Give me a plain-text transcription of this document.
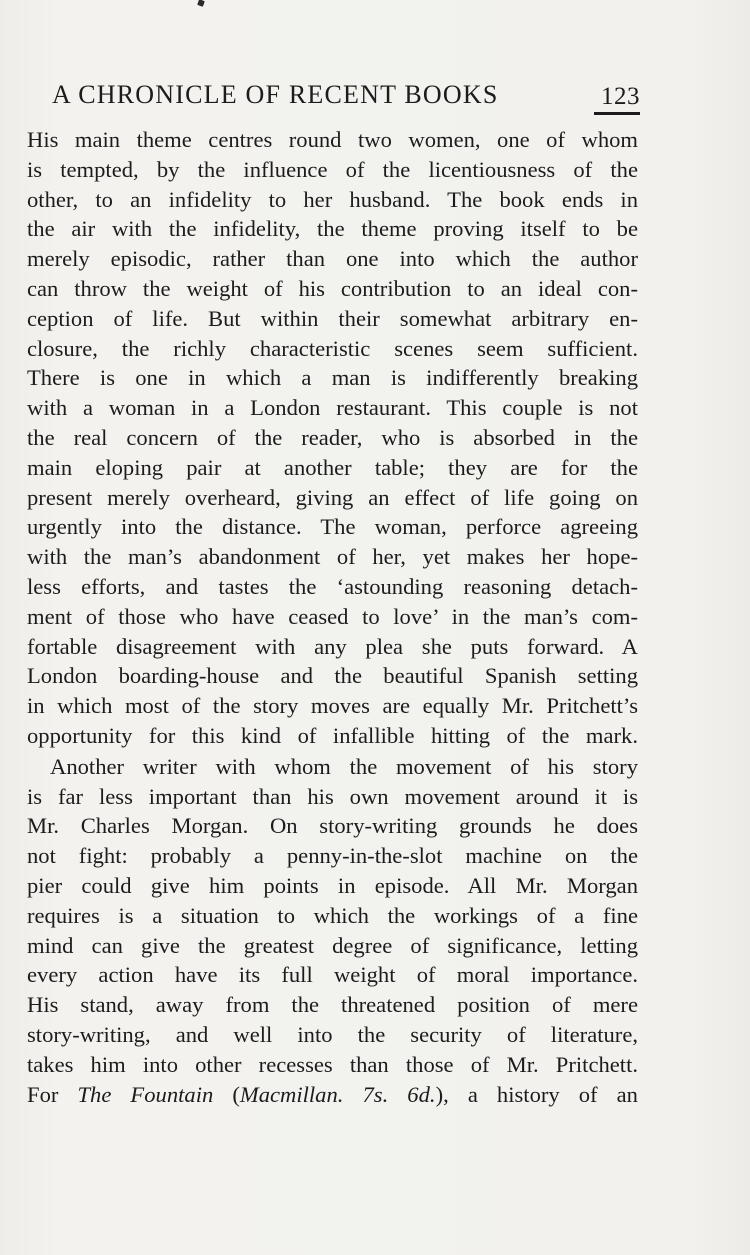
A CHRONICLE OF RECENT BOOKS	123
His main theme centres round two women, one of whom
is tempted, by the influence of the licentiousness of the
other, to an infidelity to her husband. The book ends in
the air with the infidelity, the theme proving itself to be
merely episodic, rather than one into which the author
can throw the weight of his contribution to an ideal con-
ception of life. But within their somewhat arbitrary en-
closure, the richly characteristic scenes seem sufficient.
There is one in which a man is indifferently breaking
with a woman in a London restaurant. This couple is not
the real concern of the reader, who is absorbed in the
main eloping pair at another table; they are for the
present merely overheard, giving an effect of life going on
urgently into the distance. The woman, perforce agreeing
with the man’s abandonment of her, yet makes her hope-
less efforts, and tastes the ‘astounding reasoning detach-
ment of those who have ceased to love’ in the man’s com-
fortable disagreement with any plea she puts forward. A
London boarding-house and the beautiful Spanish setting
in which most of the story moves are equally Mr. Pritchett’s
opportunity for this kind of infallible hitting of the mark.
Another writer with whom the movement of his story
is far less important than his own movement around it is
Mr. Charles Morgan. On story-writing grounds he does
not fight: probably a penny-in-the-slot machine on the
pier could give him points in episode. All Mr. Morgan
requires is a situation to which the workings of a fine
mind can give the greatest degree of significance, letting
every action have its full weight of moral importance.
His stand, away from the threatened position of mere
story-writing, and well into the security of literature,
takes him into other recesses than those of Mr. Pritchett.
For The Fountain (Macmillan. 7s. 6d.), a history of an
